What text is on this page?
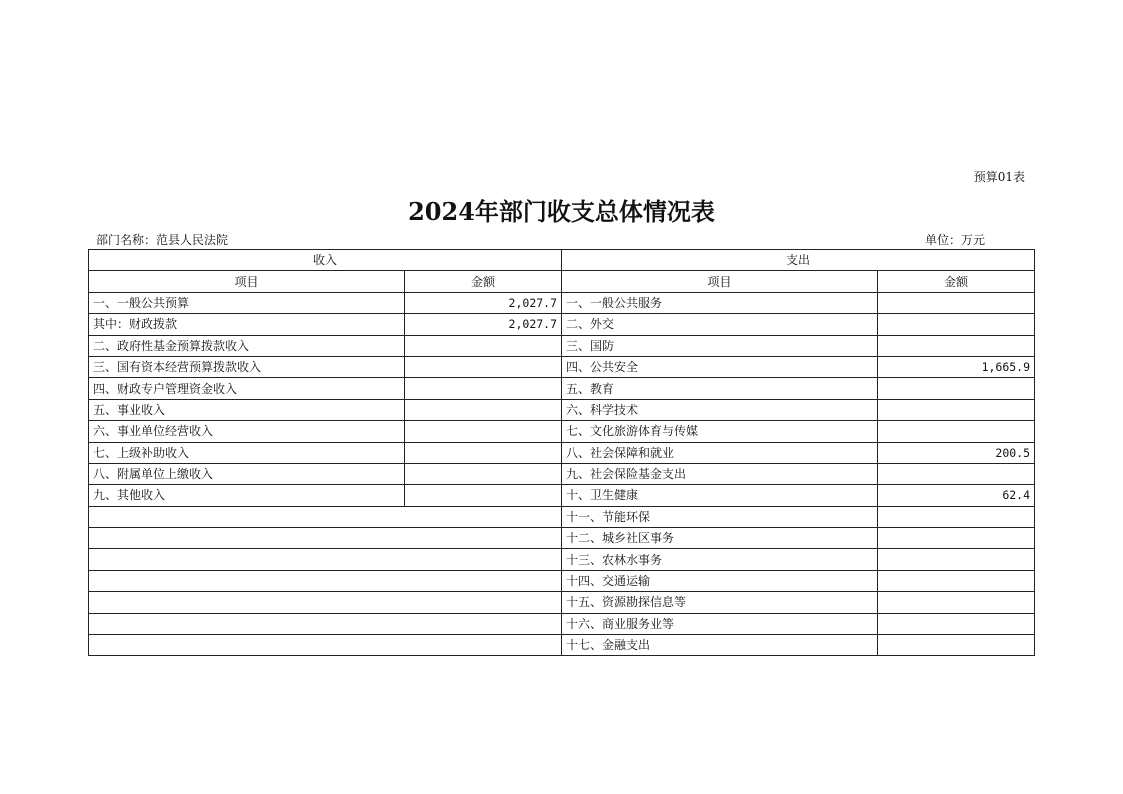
预算01表
2024年部门收支总体情况表
部门名称：范县人民法院	单位：万元
收入		支出	
项目	金额	项目	金额
一、一般公共预算	2,027.7	一、一般公共服务	
其中：财政拨款	2,027.7	二、外交	
二、政府性基金预算拨款收入		三、国防	
三、国有资本经营预算拨款收入		四、公共安全	1,665.9
四、财政专户管理资金收入		五、教育	
五、事业收入		六、科学技术	
六、事业单位经营收入		七、文化旅游体育与传媒	
七、上级补助收入		八、社会保障和就业	200.5
八、附属单位上缴收入		九、社会保险基金支出	
九、其他收入		十、卫生健康	62.4
		十一、节能环保	
		十二、城乡社区事务	
		十三、农林水事务	
		十四、交通运输	
		十五、资源勘探信息等	
		十六、商业服务业等	
		十七、金融支出	
